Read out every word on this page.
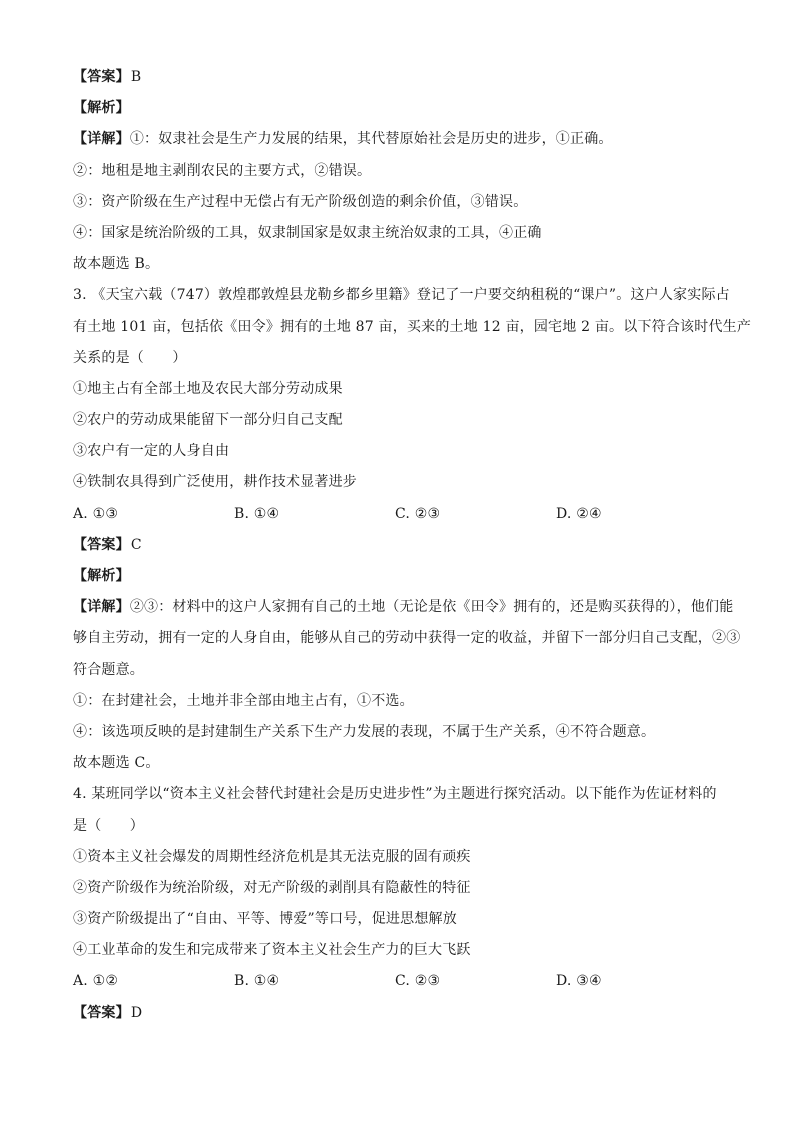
【答案】B
【解析】
【详解】①：奴隶社会是生产力发展的结果，其代替原始社会是历史的进步，①正确。
②：地租是地主剥削农民的主要方式，②错误。
③：资产阶级在生产过程中无偿占有无产阶级创造的剩余价值，③错误。
④：国家是统治阶级的工具，奴隶制国家是奴隶主统治奴隶的工具，④正确
故本题选 B。
3. 《天宝六载（747）敦煌郡敦煌县龙勒乡都乡里籍》登记了一户要交纳租税的“课户”。这户人家实际占
有土地 101 亩，包括依《田令》拥有的土地 87 亩，买来的土地 12 亩，园宅地 2 亩。以下符合该时代生产
关系的是（　　）
①地主占有全部土地及农民大部分劳动成果
②农户的劳动成果能留下一部分归自己支配
③农户有一定的人身自由
④铁制农具得到广泛使用，耕作技术显著进步
A. ①③	B. ①④	C. ②③	D. ②④
【答案】C
【解析】
【详解】②③：材料中的这户人家拥有自己的土地（无论是依《田令》拥有的，还是购买获得的），他们能
够自主劳动，拥有一定的人身自由，能够从自己的劳动中获得一定的收益，并留下一部分归自己支配，②③
符合题意。
①：在封建社会，土地并非全部由地主占有，①不选。
④：该选项反映的是封建制生产关系下生产力发展的表现，不属于生产关系，④不符合题意。
故本题选 C。
4. 某班同学以“资本主义社会替代封建社会是历史进步性”为主题进行探究活动。以下能作为佐证材料的
是（　　）
①资本主义社会爆发的周期性经济危机是其无法克服的固有顽疾
②资产阶级作为统治阶级，对无产阶级的剥削具有隐蔽性的特征
③资产阶级提出了“自由、平等、博爱”等口号，促进思想解放
④工业革命的发生和完成带来了资本主义社会生产力的巨大飞跃
A. ①②	B. ①④	C. ②③	D. ③④
【答案】D
